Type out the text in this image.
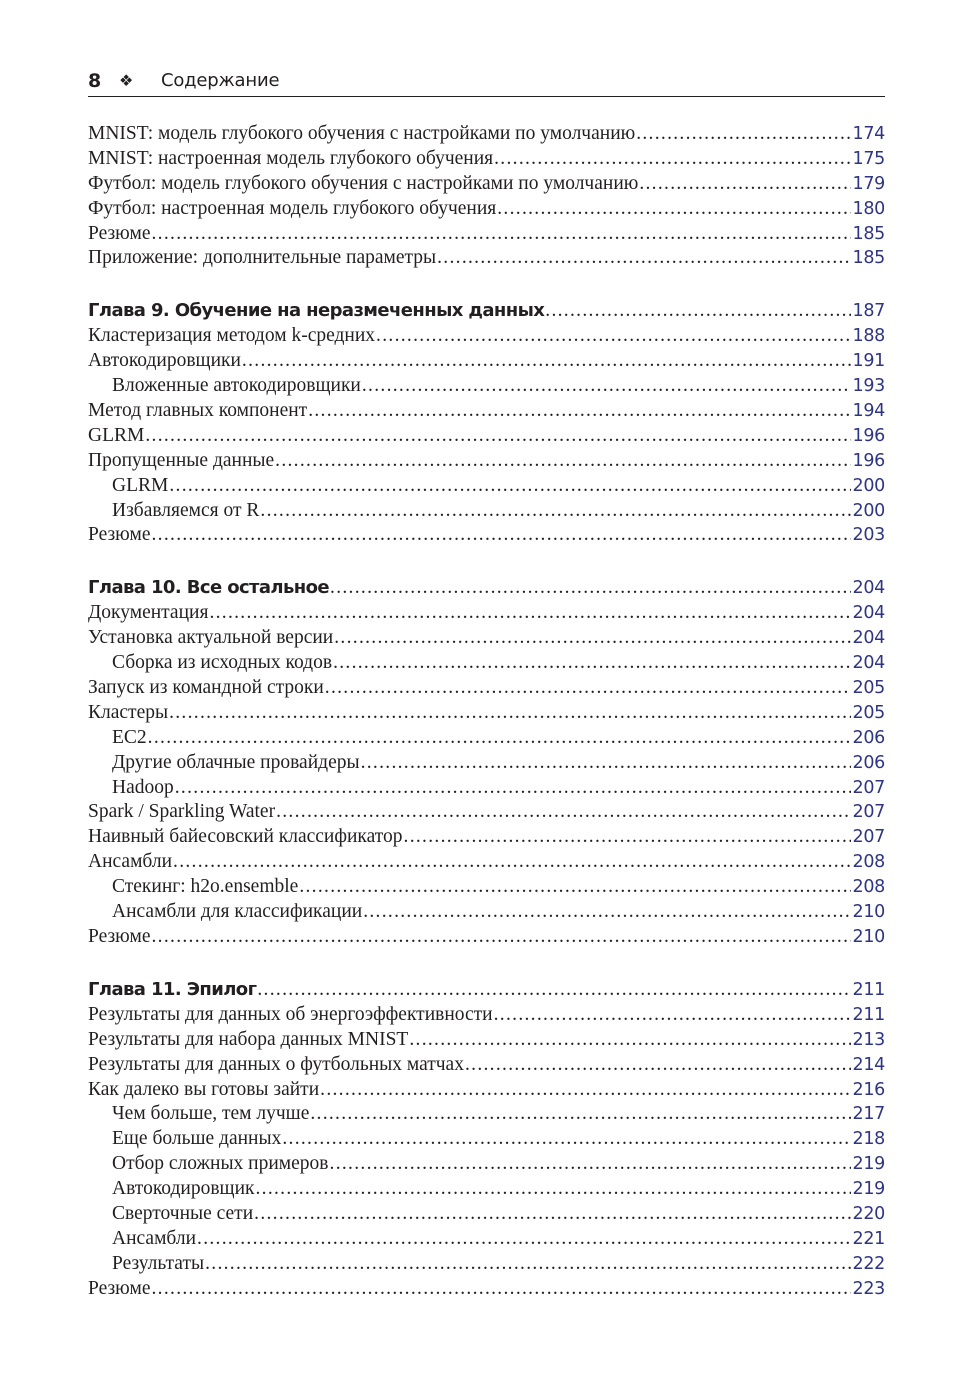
8 ❖ Содержание
MNIST: модель глубокого обучения с настройками по умолчанию .....	174
MNIST: настроенная модель глубокого обучения .....	175
Футбол: модель глубокого обучения с настройками по умолчанию .....	179
Футбол: настроенная модель глубокого обучения .....	180
Резюме .....	185
Приложение: дополнительные параметры .....	185
Глава 9. Обучение на неразмеченных данных .....	187
Кластеризация методом k-средних .....	188
Автокодировщики .....	191
Вложенные автокодировщики .....	193
Метод главных компонент .....	194
GLRM .....	196
Пропущенные данные .....	196
GLRM .....	200
Избавляемся от R .....	200
Резюме .....	203
Глава 10. Все остальное .....	204
Документация .....	204
Установка актуальной версии .....	204
Сборка из исходных кодов .....	204
Запуск из командной строки .....	205
Кластеры .....	205
EC2 .....	206
Другие облачные провайдеры .....	206
Hadoop .....	207
Spark / Sparkling Water .....	207
Наивный байесовский классификатор .....	207
Ансамбли .....	208
Стекинг: h2o.ensemble .....	208
Ансамбли для классификации .....	210
Резюме .....	210
Глава 11. Эпилог .....	211
Результаты для данных об энергоэффективности .....	211
Результаты для набора данных MNIST .....	213
Результаты для данных о футбольных матчах .....	214
Как далеко вы готовы зайти .....	216
Чем больше, тем лучше .....	217
Еще больше данных .....	218
Отбор сложных примеров .....	219
Автокодировщик .....	219
Сверточные сети .....	220
Ансамбли .....	221
Результаты .....	222
Резюме .....	223
